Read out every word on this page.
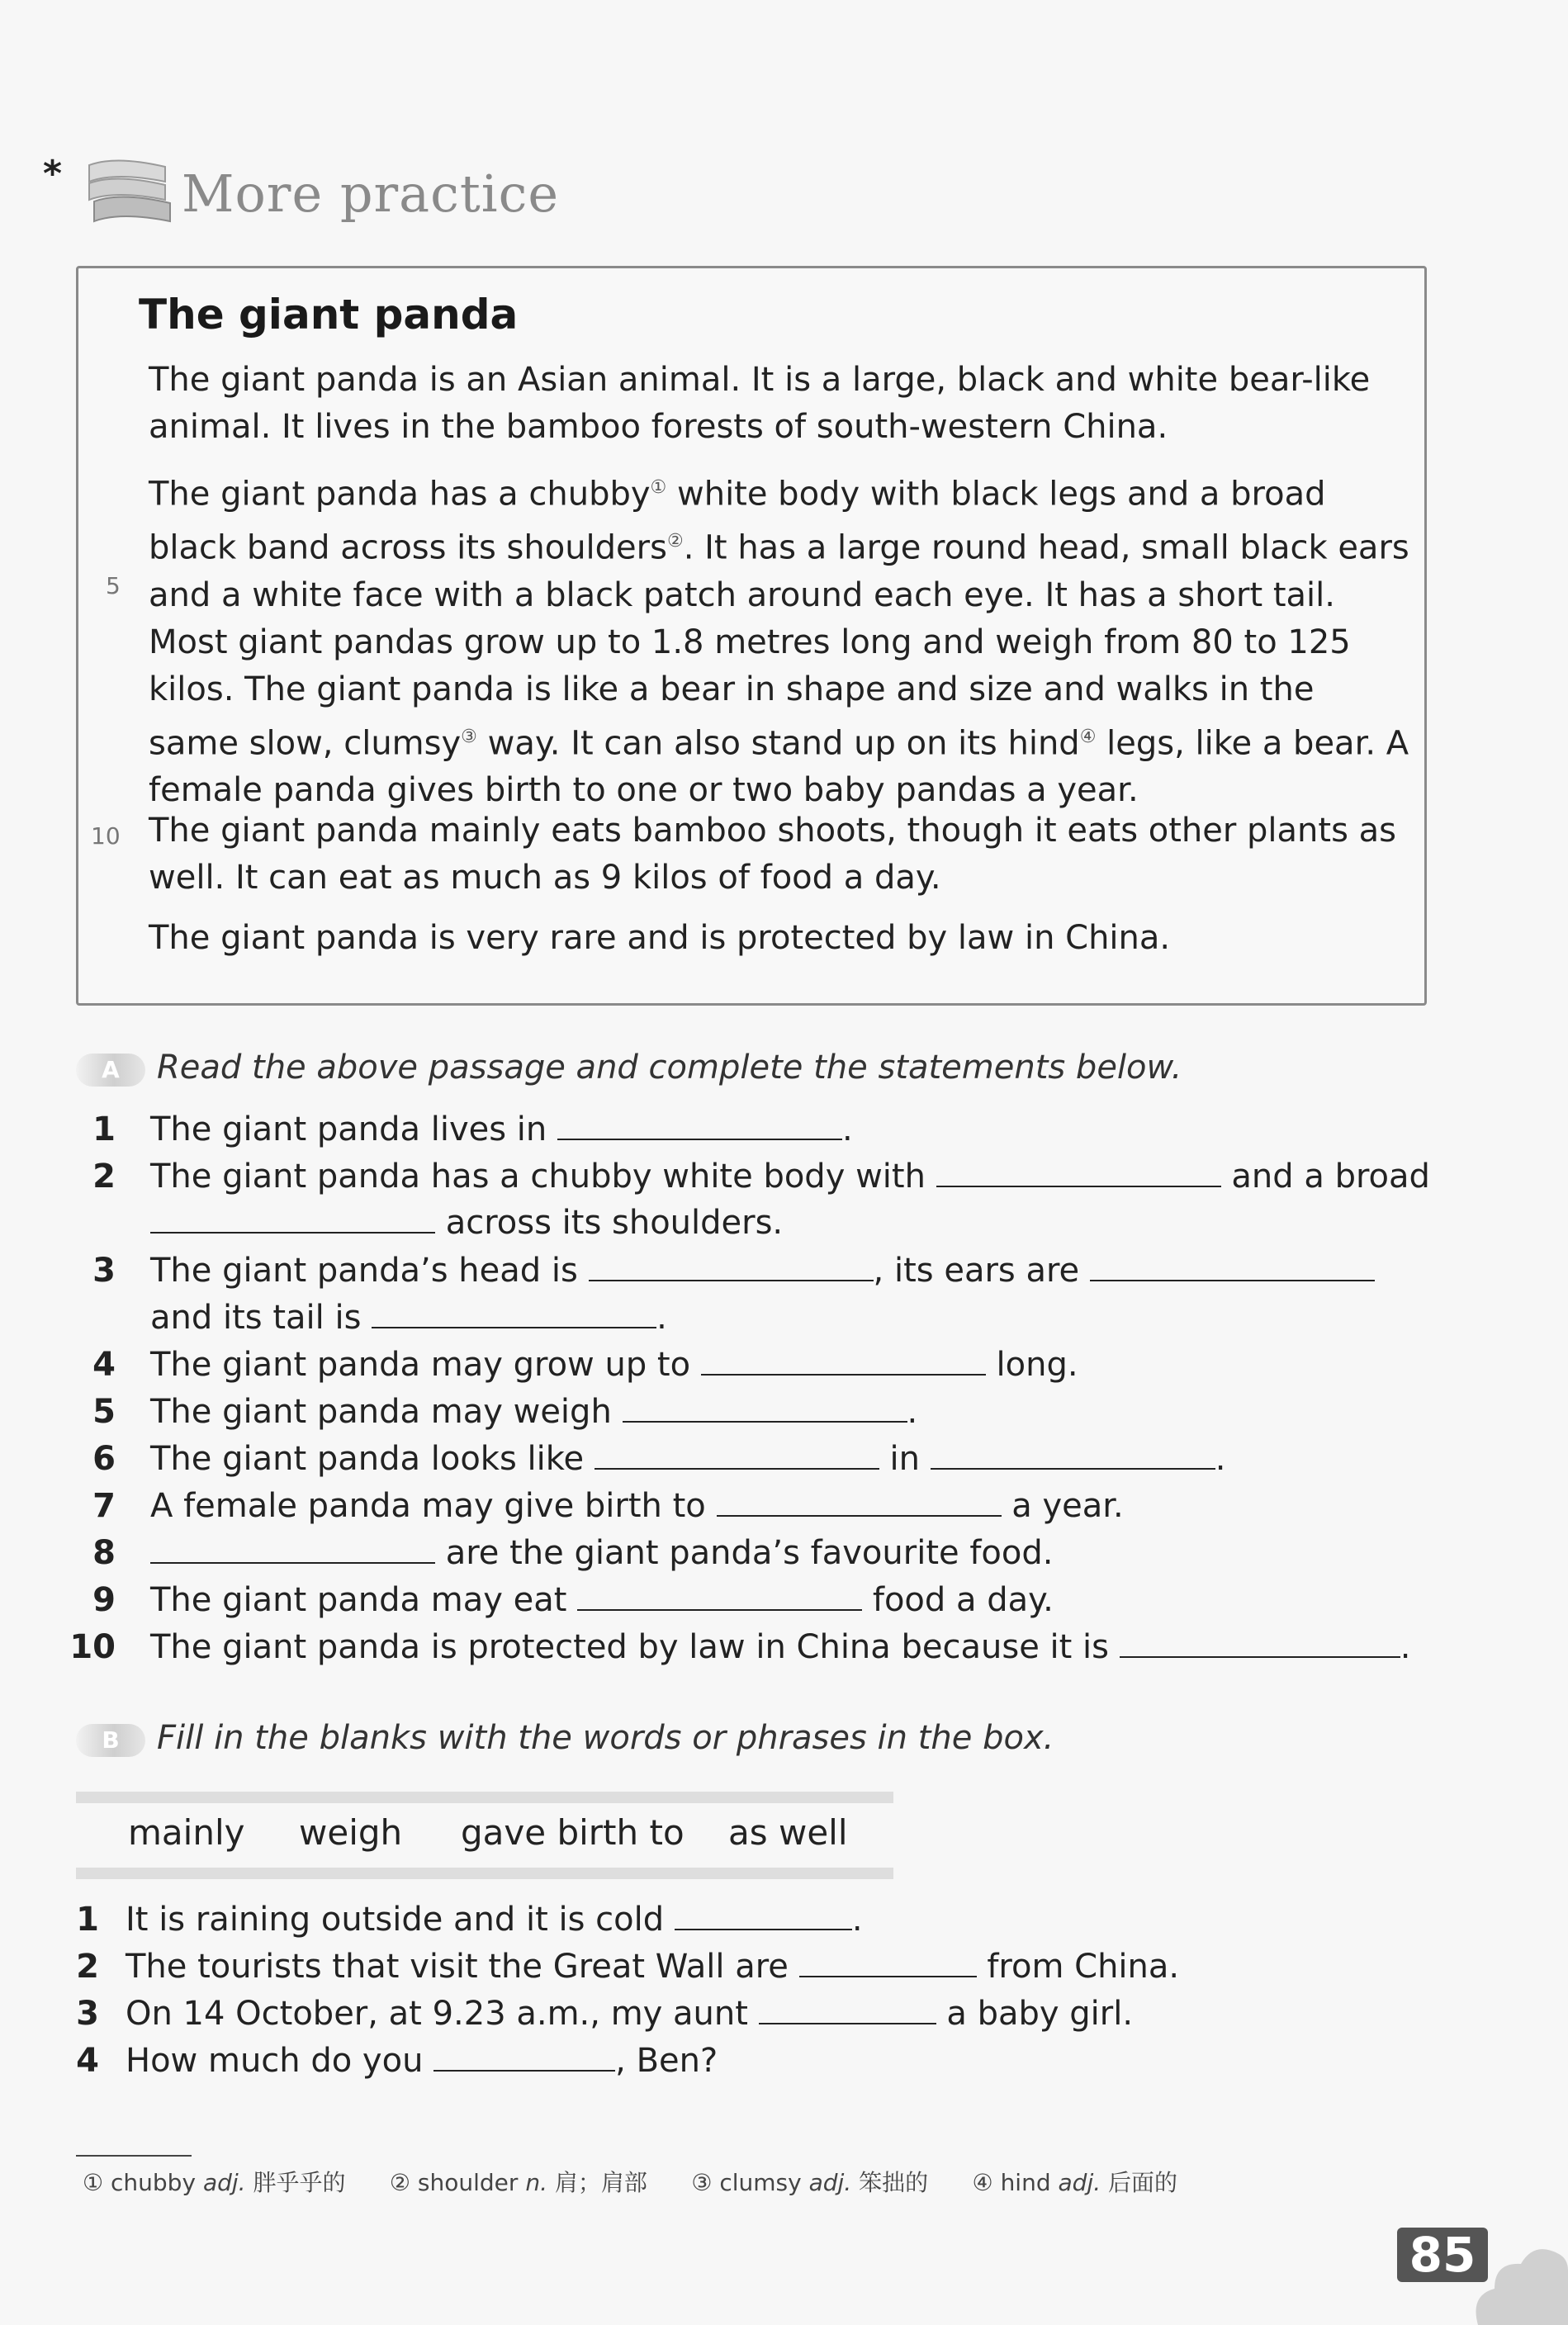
* More practice
The giant panda
The giant panda is an Asian animal. It is a large, black and white bear-like animal. It lives in the bamboo forests of south-western China.
The giant panda has a chubby① white body with black legs and a broad black band across its shoulders②. It has a large round head, small black ears and a white face with a black patch around each eye. It has a short tail. Most giant pandas grow up to 1.8 metres long and weigh from 80 to 125 kilos. The giant panda is like a bear in shape and size and walks in the same slow, clumsy③ way. It can also stand up on its hind④ legs, like a bear. A female panda gives birth to one or two baby pandas a year.
5
The giant panda mainly eats bamboo shoots, though it eats other plants as well. It can eat as much as 9 kilos of food a day.
10
The giant panda is very rare and is protected by law in China.
A	Read the above passage and complete the statements below.
1 The giant panda lives in	.
2 The giant panda has a chubby white body with	and a broad
across its shoulders.
3 The giant panda’s head is	, its ears are
and its tail is	.
4 The giant panda may grow up to	long.
5 The giant panda may weigh	.
6 The giant panda looks like	in	.
7 A female panda may give birth to	a year.
8	are the giant panda’s favourite food.
9 The giant panda may eat	food a day.
10 The giant panda is protected by law in China because it is	.
B	Fill in the blanks with the words or phrases in the box.
mainly weigh gave birth to as well
1 It is raining outside and it is cold	.
2 The tourists that visit the Great Wall are	from China.
3 On 14 October, at 9.23 a.m., my aunt	a baby girl.
4 How much do you	, Ben?
① chubby adj. 胖乎乎的 ② shoulder n. 肩；肩部 ③ clumsy adj. 笨拙的 ④ hind adj. 后面的
85
